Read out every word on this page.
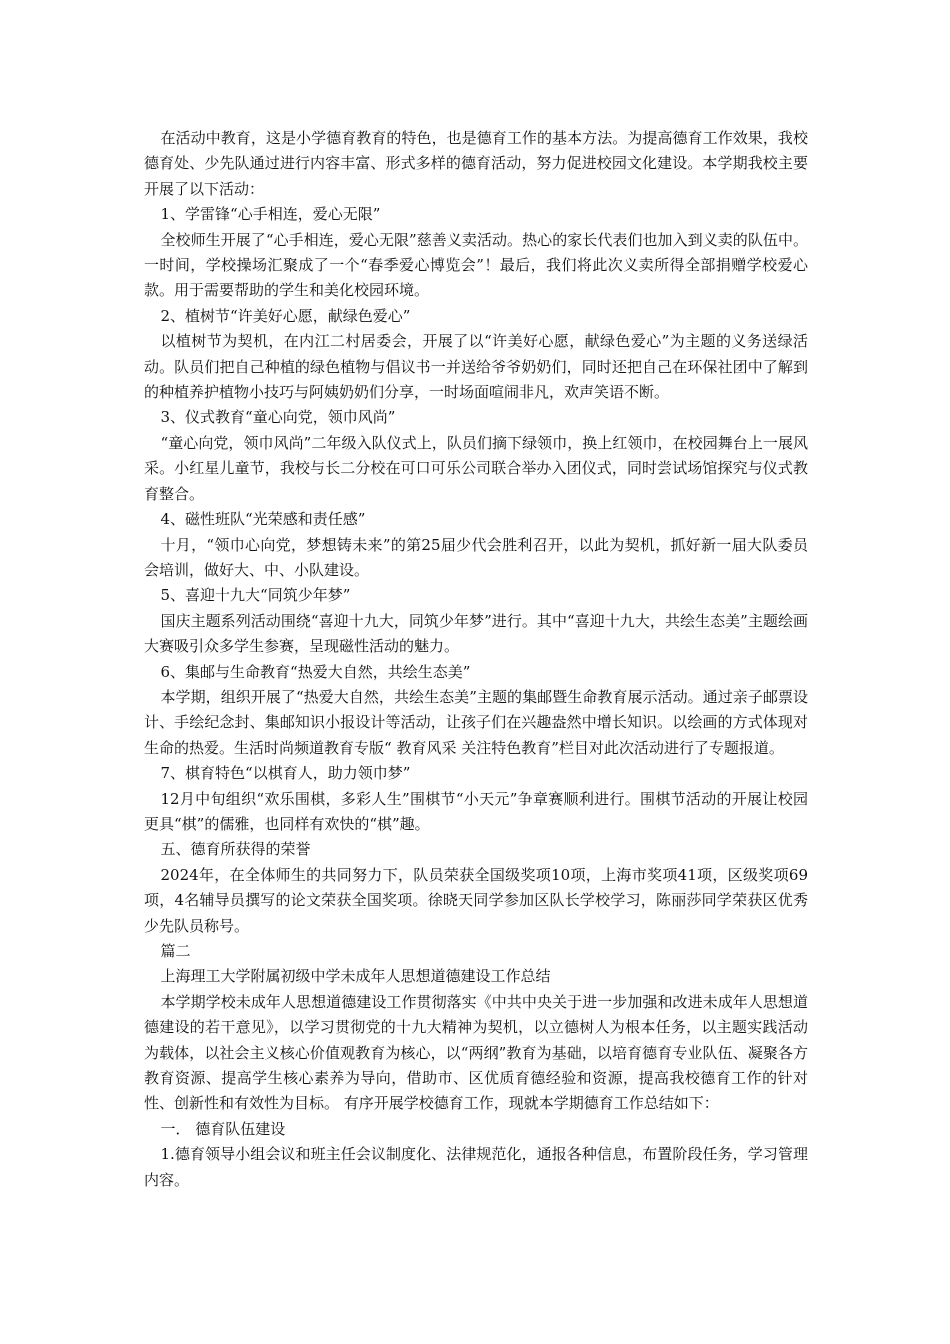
在活动中教育，这是小学德育教育的特色，也是德育工作的基本方法。为提高德育工作效果，我校德育处、少先队通过进行内容丰富、形式多样的德育活动，努力促进校园文化建设。本学期我校主要开展了以下活动：

1、学雷锋“心手相连，爱心无限”

全校师生开展了“心手相连，爱心无限”慈善义卖活动。热心的家长代表们也加入到义卖的队伍中。一时间，学校操场汇聚成了一个“春季爱心博览会”！最后，我们将此次义卖所得全部捐赠学校爱心款。用于需要帮助的学生和美化校园环境。

2、植树节“许美好心愿，献绿色爱心”

以植树节为契机，在内江二村居委会，开展了以“许美好心愿，献绿色爱心”为主题的义务送绿活动。队员们把自己种植的绿色植物与倡议书一并送给爷爷奶奶们，同时还把自己在环保社团中了解到的种植养护植物小技巧与阿姨奶奶们分享，一时场面喧闹非凡，欢声笑语不断。

3、仪式教育“童心向党，领巾风尚”

“童心向党，领巾风尚”二年级入队仪式上，队员们摘下绿领巾，换上红领巾，在校园舞台上一展风采。小红星儿童节，我校与长二分校在可口可乐公司联合举办入团仪式，同时尝试场馆探究与仪式教育整合。

4、磁性班队“光荣感和责任感”

十月，“领巾心向党，梦想铸未来”的第25届少代会胜利召开，以此为契机，抓好新一届大队委员会培训，做好大、中、小队建设。

5、喜迎十九大“同筑少年梦”

国庆主题系列活动围绕“喜迎十九大，同筑少年梦”进行。其中“喜迎十九大，共绘生态美”主题绘画大赛吸引众多学生参赛，呈现磁性活动的魅力。

6、集邮与生命教育“热爱大自然，共绘生态美”

本学期，组织开展了“热爱大自然，共绘生态美”主题的集邮暨生命教育展示活动。通过亲子邮票设计、手绘纪念封、集邮知识小报设计等活动，让孩子们在兴趣盎然中增长知识。以绘画的方式体现对生命的热爱。生活时尚频道教育专版“ 教育风采 关注特色教育”栏目对此次活动进行了专题报道。

7、棋育特色“以棋育人，助力领巾梦”

12月中旬组织“欢乐围棋，多彩人生”围棋节“小天元”争章赛顺利进行。围棋节活动的开展让校园更具“棋”的儒雅，也同样有欢快的“棋”趣。

五、德育所获得的荣誉

2024年，在全体师生的共同努力下，队员荣获全国级奖项10项，上海市奖项41项，区级奖项69项，4名辅导员撰写的论文荣获全国奖项。徐晓天同学参加区队长学校学习，陈丽莎同学荣获区优秀少先队员称号。

篇二

上海理工大学附属初级中学未成年人思想道德建设工作总结

本学期学校未成年人思想道德建设工作贯彻落实《中共中央关于进一步加强和改进未成年人思想道德建设的若干意见》，以学习贯彻党的十九大精神为契机，以立德树人为根本任务，以主题实践活动为载体，以社会主义核心价值观教育为核心，以“两纲”教育为基础，以培育德育专业队伍、凝聚各方教育资源、提高学生核心素养为导向，借助市、区优质育德经验和资源，提高我校德育工作的针对性、创新性和有效性为目标。 有序开展学校德育工作，现就本学期德育工作总结如下：

一． 德育队伍建设

1.德育领导小组会议和班主任会议制度化、法律规范化，通报各种信息，布置阶段任务，学习管理内容。
